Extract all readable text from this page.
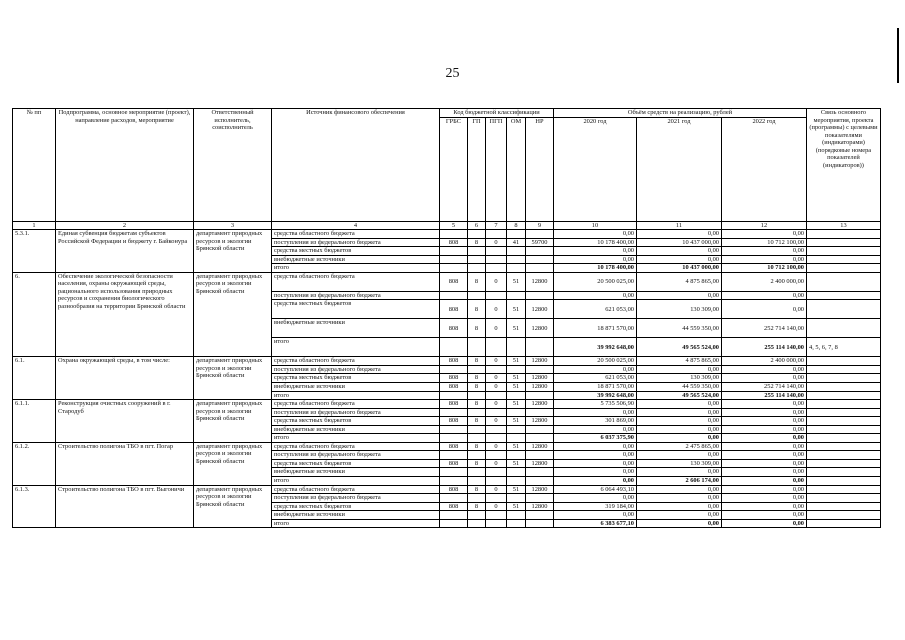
25
№ пп	Подпрограмма, основное мероприятие (проект), направление расходов, мероприятие	Ответственный исполнитель, соисполнитель	Источник финансового обеспечения	Код бюджетной классификации					Объём средств на реализацию, рублей			Связь основного мероприятия, проекта (программы) с целевыми показателями (индикаторами) (порядковые номера показателей (индикаторов))
				ГРБС	ГП	ПГП	ОМ	НР	2020 год	2021 год	2022 год	
1	2	3	4	5	6	7	8	9	10	11	12	13
5.3.1.	Единая субвенция бюджетам субъектов Российской Федерации и бюджету г. Байконура	департамент природных ресурсов и экологии Брянской области	средства областного бюджета						0,00	0,00	0,00	
			поступления из федерального бюджета	808	8	0	41	59700	10 178 400,00	10 437 000,00	10 712 100,00	
			средства местных бюджетов						0,00	0,00	0,00	
			внебюджетные источники						0,00	0,00	0,00	
			итого						10 178 400,00	10 437 000,00	10 712 100,00	
6.	Обеспечение экологической безопасности населения, охраны окружающей среды, рационального использования природных ресурсов и сохранения биологического разнообразия на территории Брянской области	департамент природных ресурсов и экологии Брянской области	средства областного бюджета	808	8	0	51	12800	20 500 025,00	4 875 865,00	2 400 000,00	
			поступления из федерального бюджета						0,00	0,00	0,00	
			средства местных бюджетов	808	8	0	51	12800	621 053,00	130 309,00	0,00	
			внебюджетные источники	808	8	0	51	12800	18 871 570,00	44 559 350,00	252 714 140,00	
			итого						39 992 648,00	49 565 524,00	255 114 140,00	4, 5, 6, 7, 8
6.1.	Охрана окружающей среды, в том числе:	департамент природных ресурсов и экологии Брянской области	средства областного бюджета	808	8	0	51	12800	20 500 025,00	4 875 865,00	2 400 000,00	
			поступления из федерального бюджета						0,00	0,00	0,00	
			средства местных бюджетов	808	8	0	51	12800	621 053,00	130 309,00	0,00	
			внебюджетные источники	808	8	0	51	12800	18 871 570,00	44 559 350,00	252 714 140,00	
			итого						39 992 648,00	49 565 524,00	255 114 140,00	
6.1.1.	Реконструкция очистных сооружений в г. Стародуб	департамент природных ресурсов и экологии Брянской области	средства областного бюджета	808	8	0	51	12800	5 735 506,90	0,00	0,00	
			поступления из федерального бюджета						0,00	0,00	0,00	
			средства местных бюджетов	808	8	0	51	12800	301 869,00	0,00	0,00	
			внебюджетные источники						0,00	0,00	0,00	
			итого						6 037 375,90	0,00	0,00	
6.1.2.	Строительство полигона ТБО в пгт. Погар	департамент природных ресурсов и экологии Брянской области	средства областного бюджета	808	8	0	51	12800	0,00	2 475 865,00	0,00	
			поступления из федерального бюджета						0,00	0,00	0,00	
			средства местных бюджетов	808	8	0	51	12800	0,00	130 309,00	0,00	
			внебюджетные источники						0,00	0,00	0,00	
			итого						0,00	2 606 174,00	0,00	
6.1.3.	Строительство полигона ТБО в пгт. Выгоничи	департамент природных ресурсов и экологии Брянской области	средства областного бюджета	808	8	0	51	12800	6 064 493,10	0,00	0,00	
			поступления из федерального бюджета						0,00	0,00	0,00	
			средства местных бюджетов	808	8	0	51	12800	319 184,00	0,00	0,00	
			внебюджетные источники						0,00	0,00	0,00	
			итого						6 383 677,10	0,00	0,00	
